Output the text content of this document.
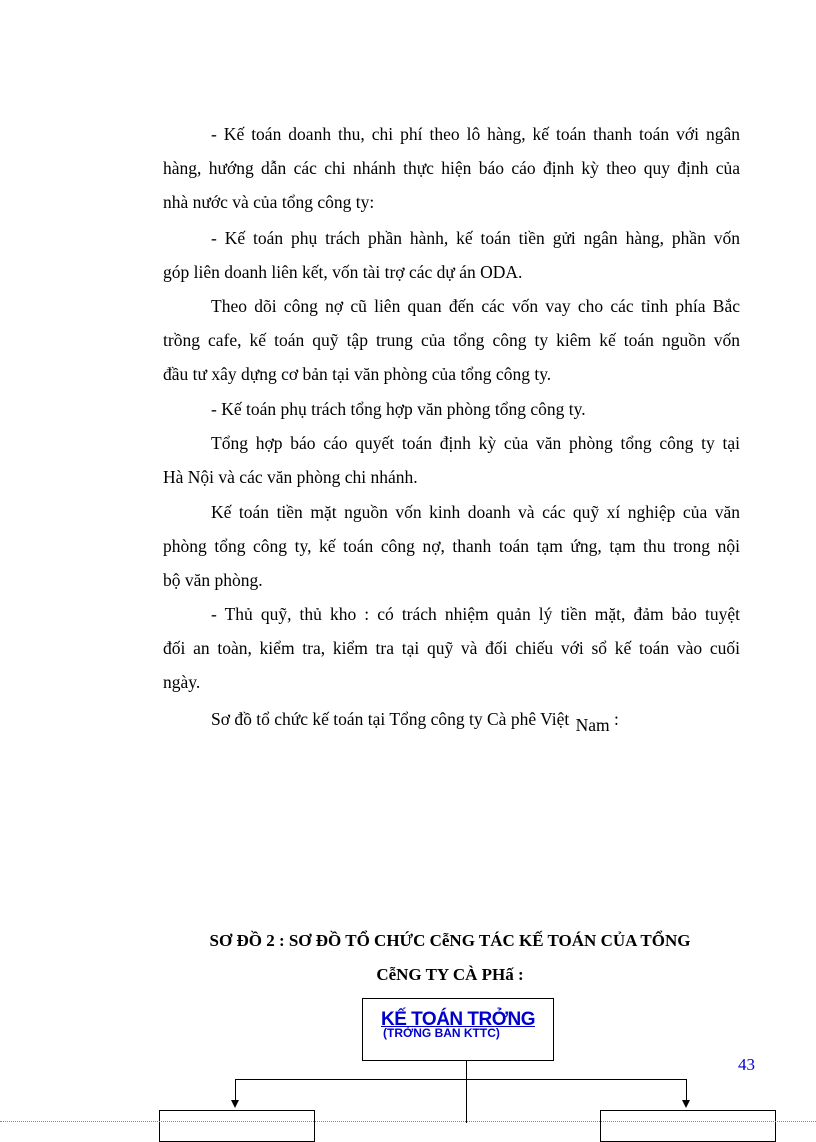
- Kế toán doanh thu, chi phí theo lô hàng, kế toán thanh toán với ngân
hàng, hướng dẫn các chi nhánh thực hiện báo cáo định kỳ theo quy định của
nhà nước và của tổng công ty:
- Kế toán phụ trách phần hành, kế toán tiền gửi ngân hàng, phần vốn
góp liên doanh liên kết, vốn tài trợ các dự án ODA.
Theo dõi công nợ cũ liên quan đến các vốn vay cho các tỉnh phía Bắc
trồng cafe, kế toán quỹ tập trung của tổng công ty kiêm kế toán nguồn vốn
đầu tư xây dựng cơ bản tại văn phòng của tổng công ty.
- Kế toán phụ trách tổng hợp văn phòng tổng công ty.
Tổng hợp báo cáo quyết toán định kỳ của văn phòng tổng công ty tại
Hà Nội và các văn phòng chi nhánh.
Kế toán tiền mặt nguồn vốn kinh doanh và các quỹ xí nghiệp của văn
phòng tổng công ty, kế toán công nợ, thanh toán tạm ứng, tạm thu trong nội
bộ văn phòng.
- Thủ quỹ, thủ kho : có trách nhiệm quản lý tiền mặt, đảm bảo tuyệt
đối an toàn, kiểm tra, kiểm tra tại quỹ và đối chiếu với sổ kế toán vào cuối
ngày.
Sơ đồ tổ chức kế toán tại Tổng công ty Cà phê Việt Nam :
SƠ ĐỒ 2 : SƠ ĐỒ TỔ CHỨC CễNG TÁC KẾ TOÁN CỦA TỔNG
CễNG TY CÀ PHấ :
KẾ TOÁN TRỞNG
(TRỞNG BAN KTTC)
43
